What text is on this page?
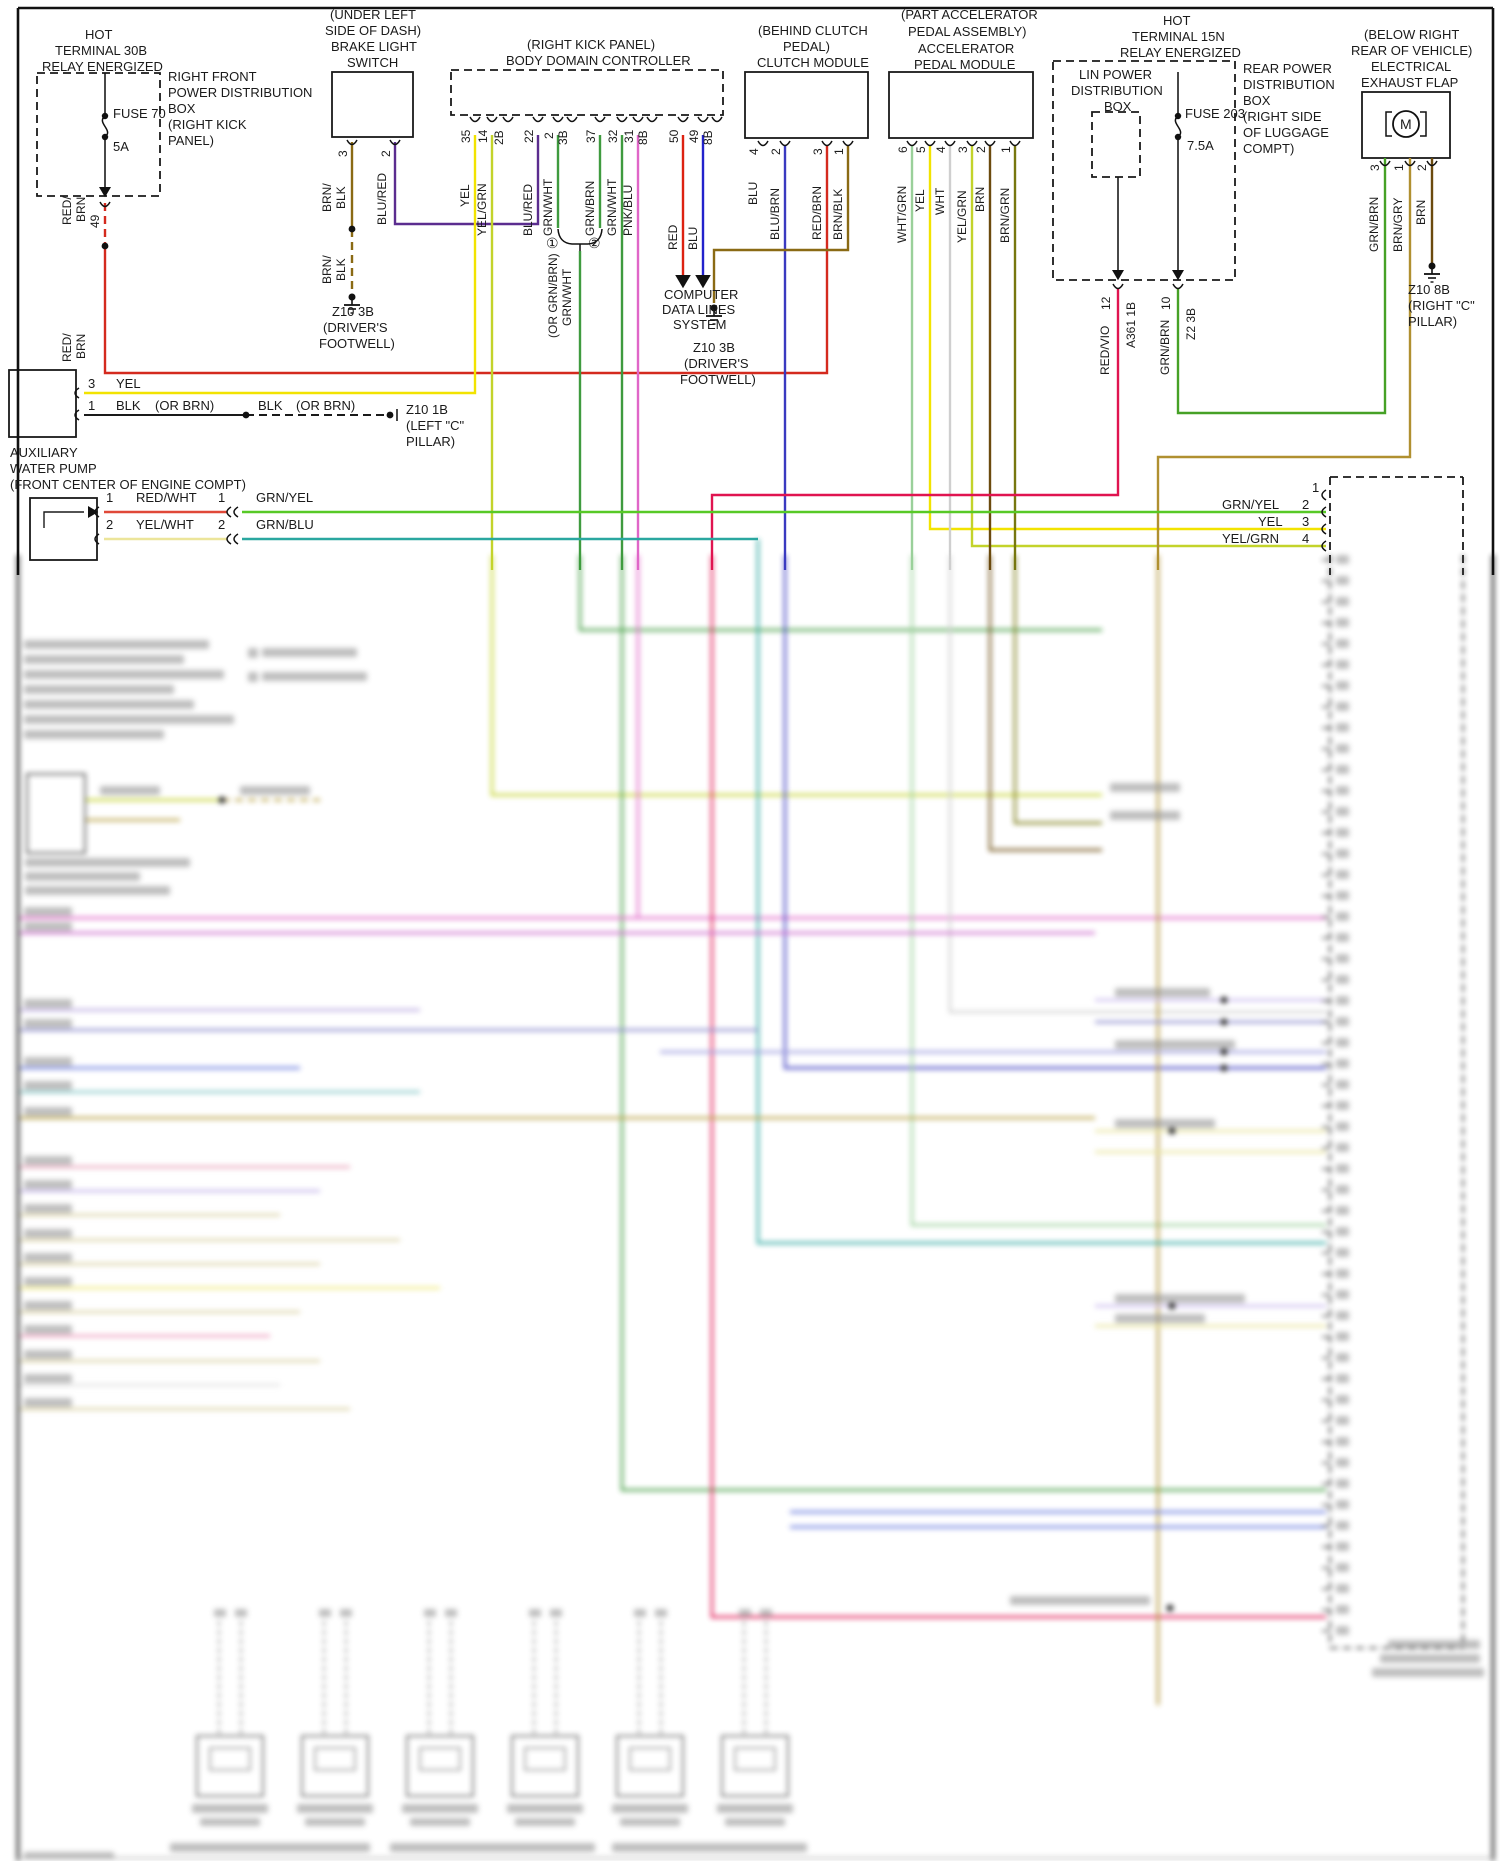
HOT
TERMINAL 30B
RELAY ENERGIZED
RIGHT FRONT
POWER DISTRIBUTION
BOX
(RIGHT KICK
PANEL)
FUSE 70
5A
(UNDER LEFT
SIDE OF DASH)
BRAKE LIGHT
SWITCH
(RIGHT KICK PANEL)
BODY DOMAIN CONTROLLER
(BEHIND CLUTCH
PEDAL)
CLUTCH MODULE
(PART ACCELERATOR
PEDAL ASSEMBLY)
ACCELERATOR
PEDAL MODULE
HOT
TERMINAL 15N
RELAY ENERGIZED
LIN POWER
DISTRIBUTION
BOX	FUSE 203
7.5A
REAR POWER
DISTRIBUTION
BOX
(RIGHT SIDE
OF LUGGAGE
COMPT)
(BELOW RIGHT
REAR OF VEHICLE)
ELECTRICAL
EXHAUST FLAP
COMPUTER
DATA LINES
SYSTEM
Z10 3B
(DRIVER'S
FOOTWELL)	Z10 3B
(DRIVER'S
FOOTWELL)
Z10 1B
(LEFT "C"
PILLAR)
Z10 8B
(RIGHT "C"
PILLAR)
AUXILIARY
WATER PUMP
(FRONT CENTER OF ENGINE COMPT)
3 YEL
1 BLK (OR BRN)	BLK (OR BRN)
1 RED/WHT 1 GRN/YEL
2 YEL/WHT 2 GRN/BLU
1
GRN/YEL 2
YEL 3
YEL/GRN 4
① ②
49
RED/ BRN
RED/ BRN
3
BRN/ BLK
2
BLU/RED
BRN/ BLK
35
YEL
14
YEL/GRN
2B 22
BLU/RED
2
GRN/WHT
3B 37
GRN/BRN
32
GRN/WHT
31
PNK/BLU
8B 50
RED
49
BLU
8B
(OR GRN/BRN) GRN/WHT
4
BLU
2
BLU/BRN
3
RED/BRN
1
BRN/BLK
6
WHT/GRN
5
YEL
4
WHT
3
YEL/GRN
2
BRN
1
BRN/GRN
12
RED/VIO
A361 1B 10
GRN/BRN Z2 3B
3
GRN/BRN
1
BRN/GRY
2
BRN
M
